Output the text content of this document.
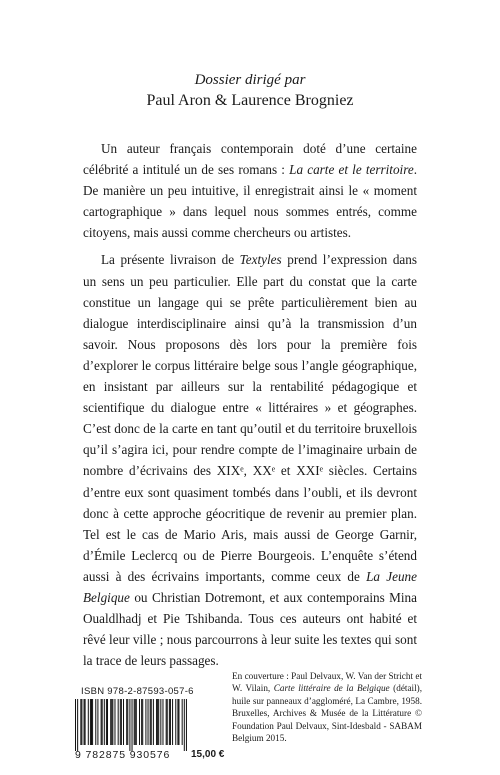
Dossier dirigé par
Paul Aron & Laurence Brogniez

Un auteur français contemporain doté d’une certaine célébrité a intitulé un de ses romans : La carte et le territoire. De manière un peu intuitive, il enregistrait ainsi le « moment cartographique » dans lequel nous sommes entrés, comme citoyens, mais aussi comme chercheurs ou artistes.

La présente livraison de Textyles prend l’expression dans un sens un peu particulier. Elle part du constat que la carte constitue un langage qui se prête particulièrement bien au dialogue interdisciplinaire ainsi qu’à la transmission d’un savoir. Nous proposons dès lors pour la première fois d’explorer le corpus littéraire belge sous l’angle géographique, en insistant par ailleurs sur la rentabilité pédagogique et scientifique du dialogue entre « littéraires » et géographes. C’est donc de la carte en tant qu’outil et du territoire bruxellois qu’il s’agira ici, pour rendre compte de l’imaginaire urbain de nombre d’écrivains des XIXᵉ, XXᵉ et XXIᵉ siècles. Certains d’entre eux sont quasiment tombés dans l’oubli, et ils devront donc à cette approche géocritique de revenir au premier plan. Tel est le cas de Mario Aris, mais aussi de George Garnir, d’Émile Leclercq ou de Pierre Bourgeois. L’enquête s’étend aussi à des écrivains importants, comme ceux de La Jeune Belgique ou Christian Dotremont, et aux contemporains Mina Oualdlhadj et Pie Tshibanda. Tous ces auteurs ont habité et rêvé leur ville ; nous parcourrons à leur suite les textes qui sont la trace de leurs passages.

ISBN 978-2-87593-057-6
9 782875 930576 15,00 €
En couverture : Paul Delvaux, W. Van der Stricht et W. Vilain, Carte littéraire de la Belgique (détail), huile sur panneaux d’aggloméré, La Cambre, 1958. Bruxelles, Archives & Musée de la Littérature © Foundation Paul Delvaux, Sint-Idesbald - SABAM Belgium 2015.
